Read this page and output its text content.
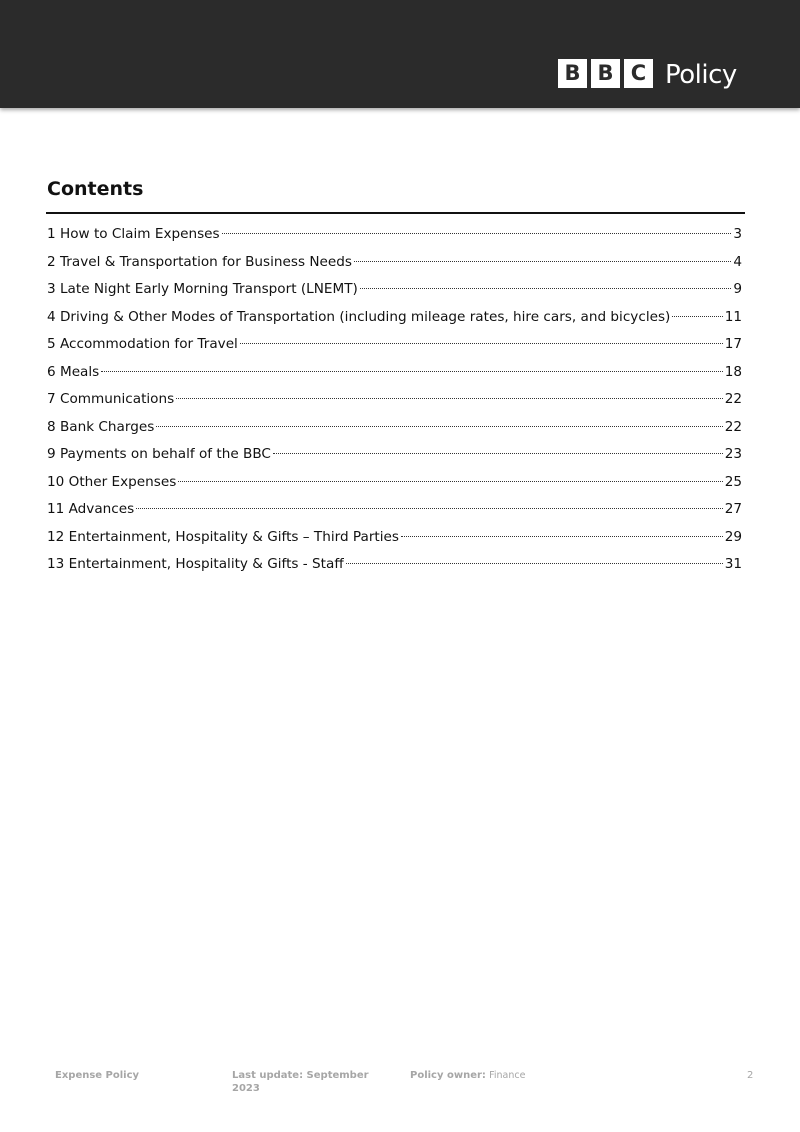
B B C Policy
Contents
1 How to Claim Expenses	3
2 Travel & Transportation for Business Needs	4
3 Late Night Early Morning Transport (LNEMT)	9
4 Driving & Other Modes of Transportation (including mileage rates, hire cars, and bicycles)	11
5 Accommodation for Travel	17
6 Meals	18
7 Communications	22
8 Bank Charges	22
9 Payments on behalf of the BBC	23
10 Other Expenses	25
11 Advances	27
12 Entertainment, Hospitality & Gifts – Third Parties	29
13 Entertainment, Hospitality & Gifts - Staff	31
Expense Policy	Last update: September 2023
Policy owner: Finance	2
